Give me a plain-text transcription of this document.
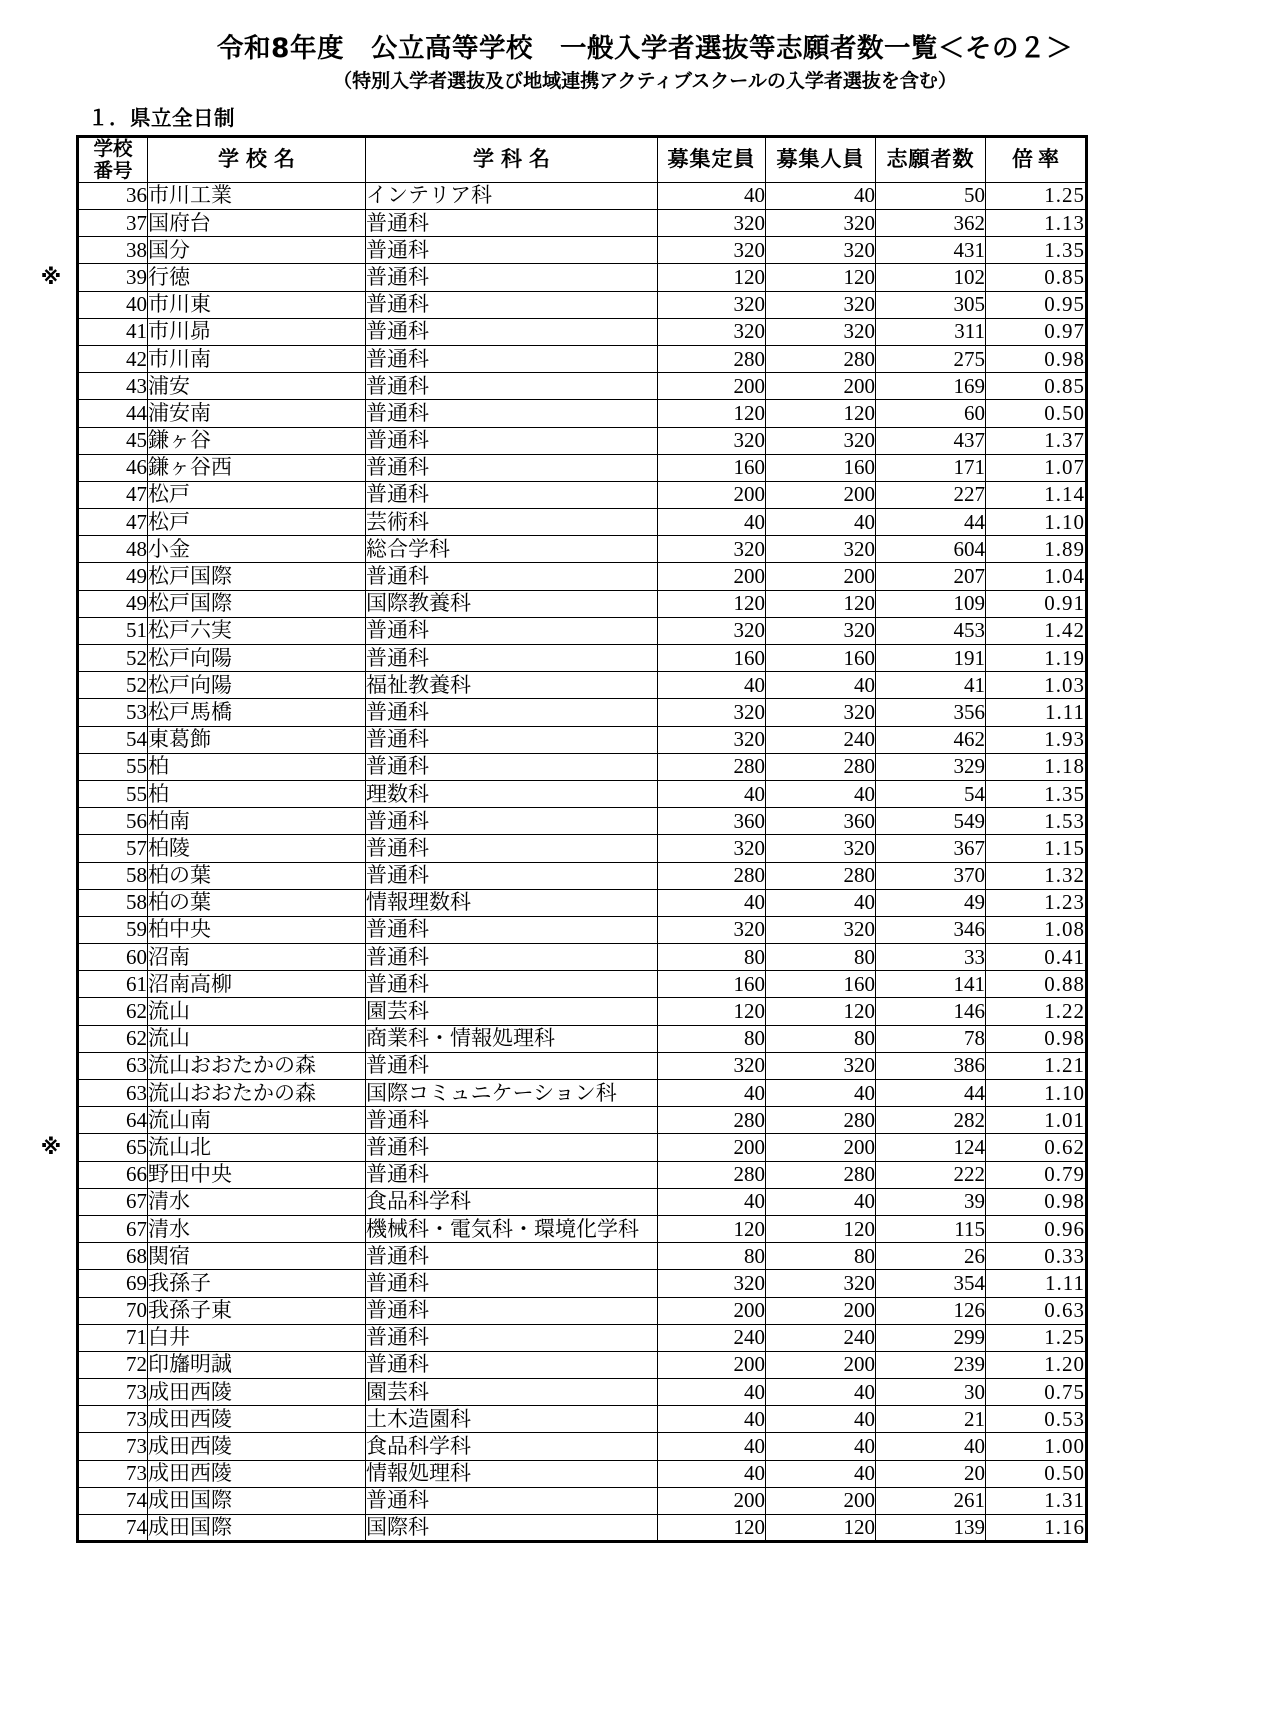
令和8年度　公立高等学校　一般入学者選抜等志願者数一覧＜その２＞
（特別入学者選抜及び地域連携アクティブスクールの入学者選抜を含む）
１．県立全日制
※
※
学校
番号	学校名	学科名	募集定員	募集人員	志願者数	倍率
36	市川工業	インテリア科	40	40	50	1.25
37	国府台	普通科	320	320	362	1.13
38	国分	普通科	320	320	431	1.35
39	行徳	普通科	120	120	102	0.85
40	市川東	普通科	320	320	305	0.95
41	市川昴	普通科	320	320	311	0.97
42	市川南	普通科	280	280	275	0.98
43	浦安	普通科	200	200	169	0.85
44	浦安南	普通科	120	120	60	0.50
45	鎌ヶ谷	普通科	320	320	437	1.37
46	鎌ヶ谷西	普通科	160	160	171	1.07
47	松戸	普通科	200	200	227	1.14
47	松戸	芸術科	40	40	44	1.10
48	小金	総合学科	320	320	604	1.89
49	松戸国際	普通科	200	200	207	1.04
49	松戸国際	国際教養科	120	120	109	0.91
51	松戸六実	普通科	320	320	453	1.42
52	松戸向陽	普通科	160	160	191	1.19
52	松戸向陽	福祉教養科	40	40	41	1.03
53	松戸馬橋	普通科	320	320	356	1.11
54	東葛飾	普通科	320	240	462	1.93
55	柏	普通科	280	280	329	1.18
55	柏	理数科	40	40	54	1.35
56	柏南	普通科	360	360	549	1.53
57	柏陵	普通科	320	320	367	1.15
58	柏の葉	普通科	280	280	370	1.32
58	柏の葉	情報理数科	40	40	49	1.23
59	柏中央	普通科	320	320	346	1.08
60	沼南	普通科	80	80	33	0.41
61	沼南高柳	普通科	160	160	141	0.88
62	流山	園芸科	120	120	146	1.22
62	流山	商業科・情報処理科	80	80	78	0.98
63	流山おおたかの森	普通科	320	320	386	1.21
63	流山おおたかの森	国際コミュニケーション科	40	40	44	1.10
64	流山南	普通科	280	280	282	1.01
65	流山北	普通科	200	200	124	0.62
66	野田中央	普通科	280	280	222	0.79
67	清水	食品科学科	40	40	39	0.98
67	清水	機械科・電気科・環境化学科	120	120	115	0.96
68	関宿	普通科	80	80	26	0.33
69	我孫子	普通科	320	320	354	1.11
70	我孫子東	普通科	200	200	126	0.63
71	白井	普通科	240	240	299	1.25
72	印旛明誠	普通科	200	200	239	1.20
73	成田西陵	園芸科	40	40	30	0.75
73	成田西陵	土木造園科	40	40	21	0.53
73	成田西陵	食品科学科	40	40	40	1.00
73	成田西陵	情報処理科	40	40	20	0.50
74	成田国際	普通科	200	200	261	1.31
74	成田国際	国際科	120	120	139	1.16
